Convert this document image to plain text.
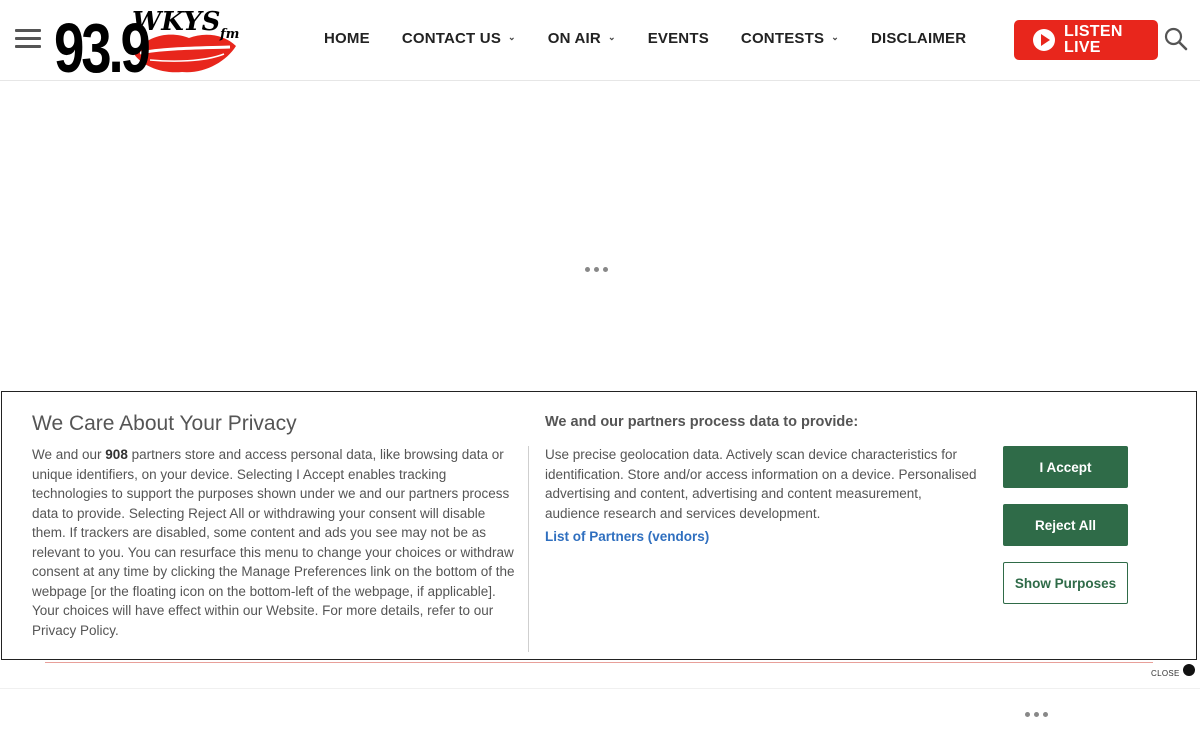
93.9
WKYS fm	HOME CONTACT US ⌄ ON AIR ⌄ EVENTS CONTESTS ⌄ DISCLAIMER	LISTEN
LIVE
We Care About Your Privacy
We and our 908 partners store and access personal data, like browsing data or unique identifiers, on your device. Selecting I Accept enables tracking technologies to support the purposes shown under we and our partners process data to provide. Selecting Reject All or withdrawing your consent will disable them. If trackers are disabled, some content and ads you see may not be as relevant to you. You can resurface this menu to change your choices or withdraw consent at any time by clicking the Manage Preferences link on the bottom of the webpage [or the floating icon on the bottom-left of the webpage, if applicable]. Your choices will have effect within our Website. For more details, refer to our Privacy Policy.
We and our partners process data to provide:
Use precise geolocation data. Actively scan device characteristics for identification. Store and/or access information on a device. Personalised advertising and content, advertising and content measurement, audience research and services development.
List of Partners (vendors)
I Accept
Reject All
Show Purposes
CLOSE
